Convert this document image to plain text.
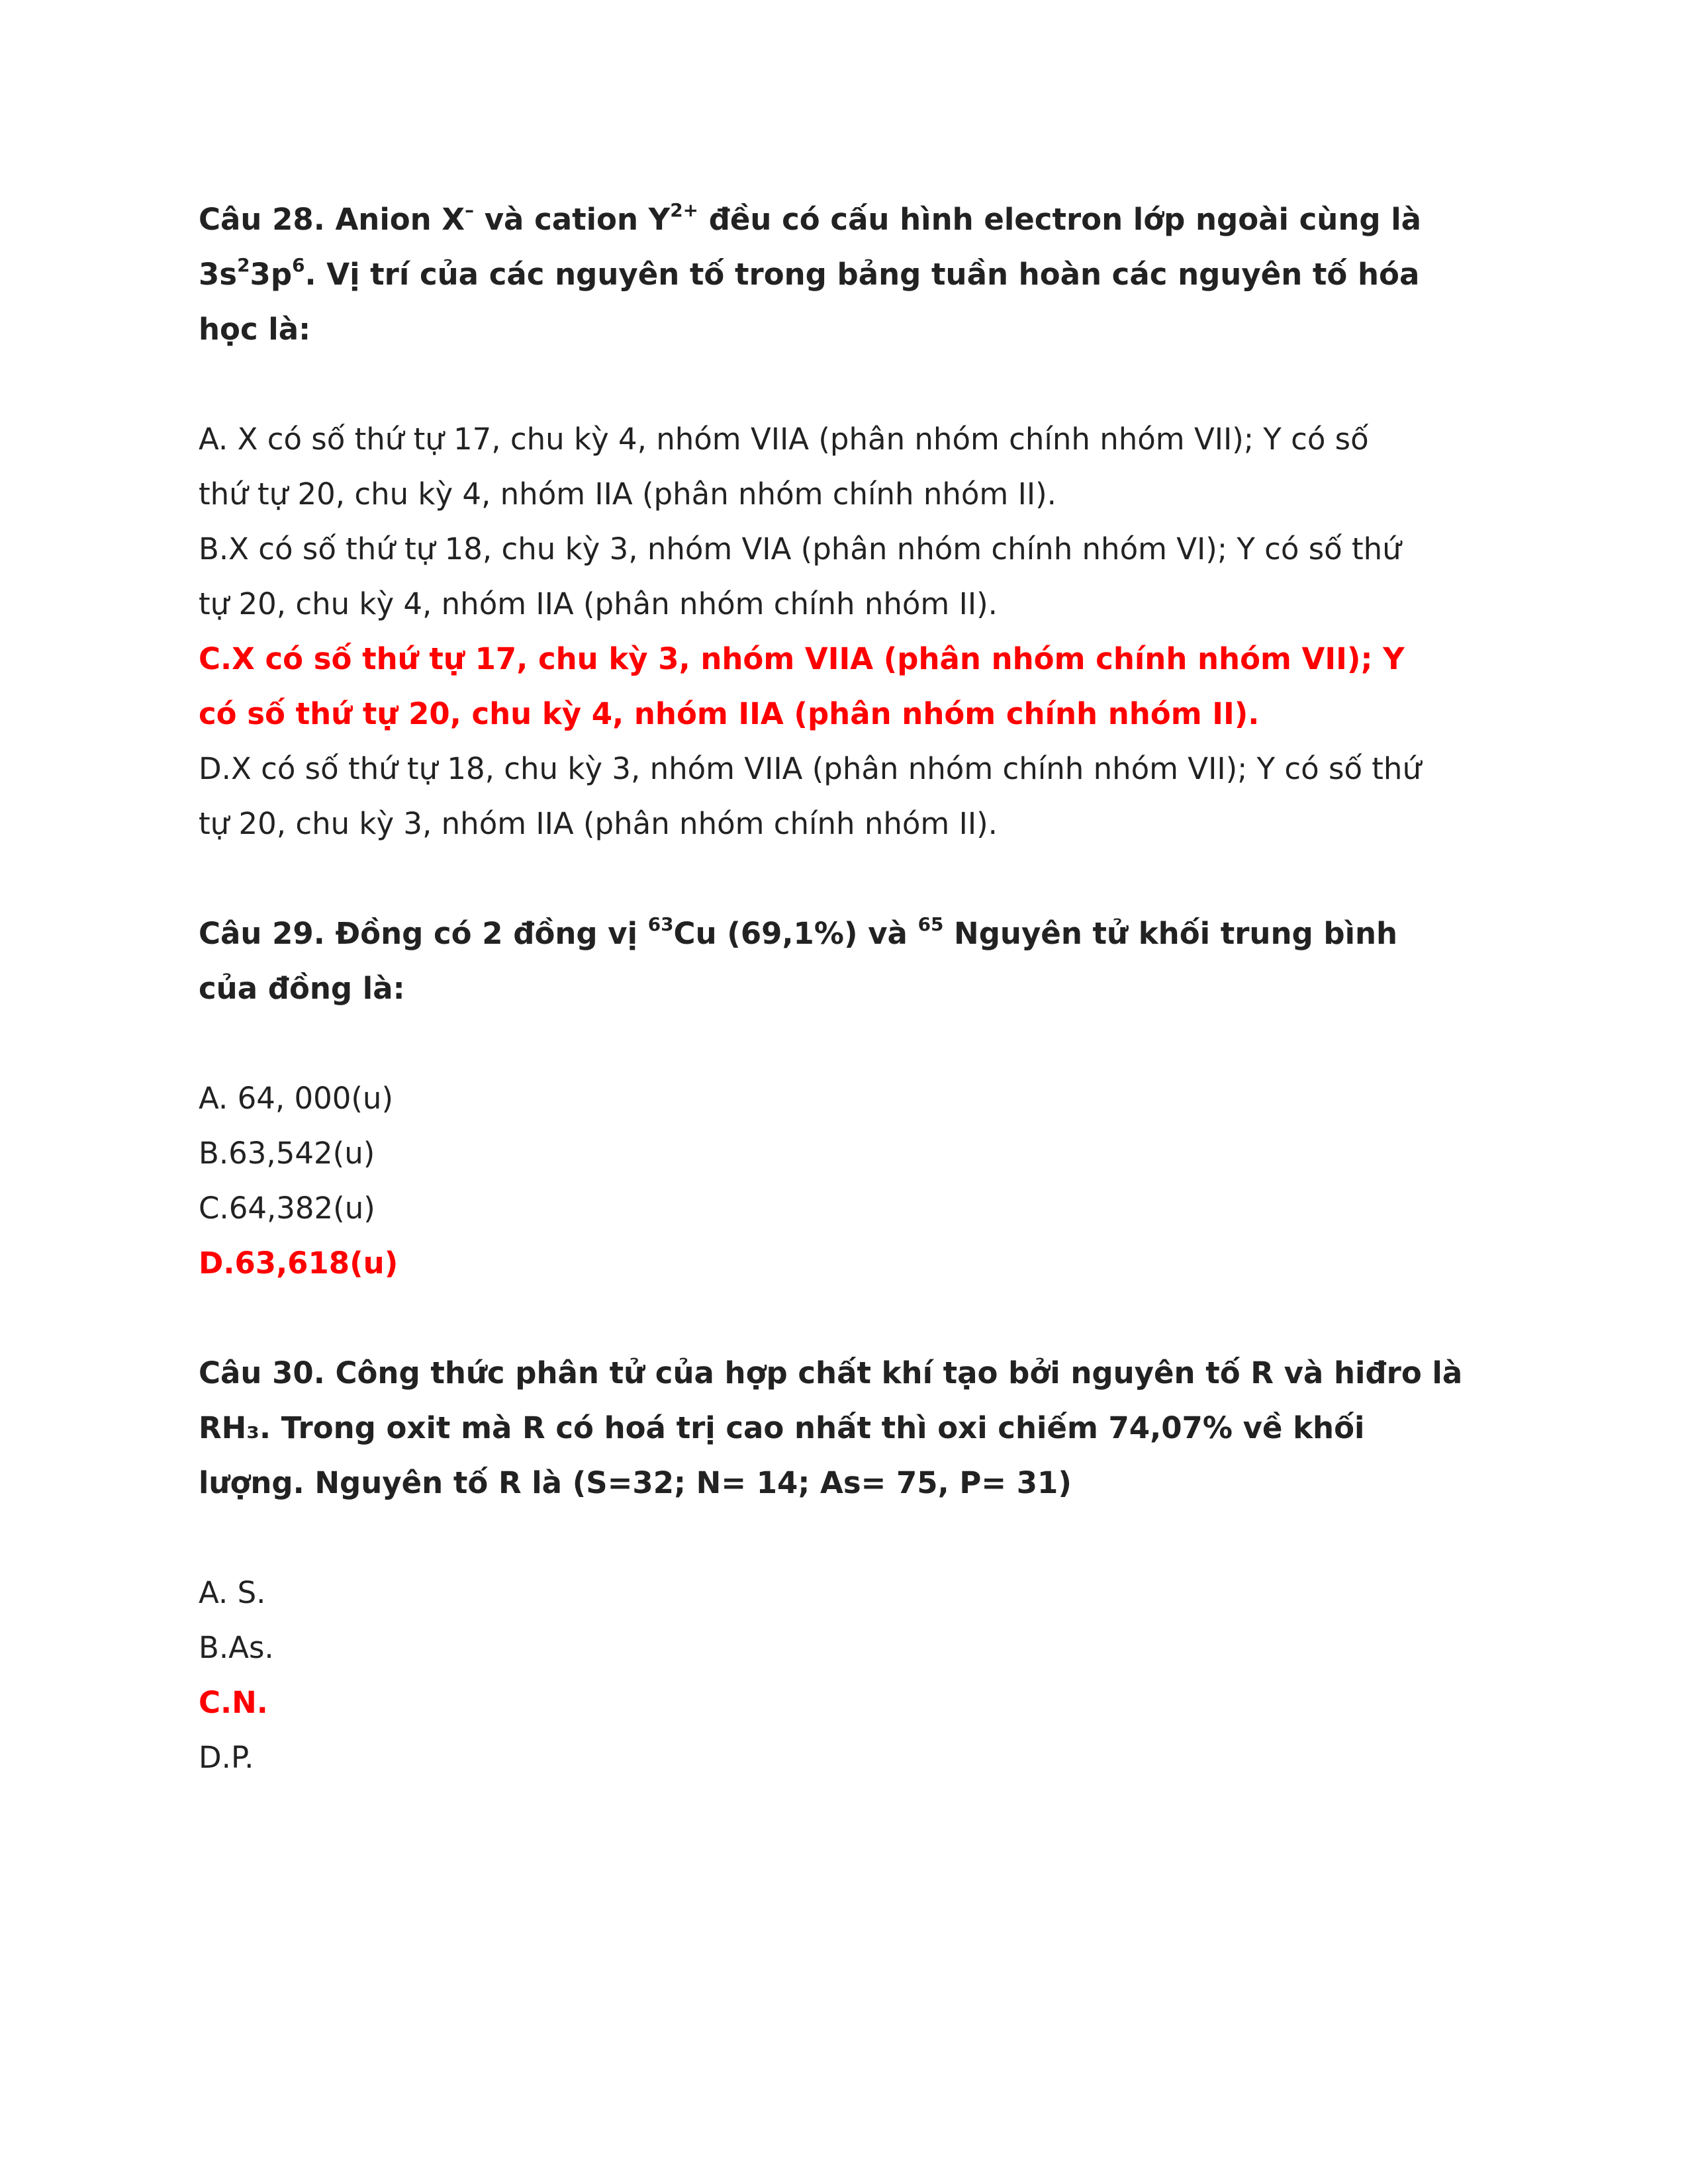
Câu 28. Anion X– và cation $Y^{2+}$ đều có cấu hình electron lớp ngoài cùng là
$3s^23p^6$. Vị trí của các nguyên tố trong bảng tuần hoàn các nguyên tố hóa
học là:
A. X có số thứ tự 17, chu kỳ 4, nhóm VIIA (phân nhóm chính nhóm VII); Y có số
thứ tự 20, chu kỳ 4, nhóm IIA (phân nhóm chính nhóm II).
B.X có số thứ tự 18, chu kỳ 3, nhóm VIA (phân nhóm chính nhóm VI); Y có số thứ
tự 20, chu kỳ 4, nhóm IIA (phân nhóm chính nhóm II).
C.X có số thứ tự 17, chu kỳ 3, nhóm VIIA (phân nhóm chính nhóm VII); Y
có số thứ tự 20, chu kỳ 4, nhóm IIA (phân nhóm chính nhóm II).
D.X có số thứ tự 18, chu kỳ 3, nhóm VIIA (phân nhóm chính nhóm VII); Y có số thứ
tự 20, chu kỳ 3, nhóm IIA (phân nhóm chính nhóm II).
Câu 29. Đồng có 2 đồng vị $^{63}$Cu (69,1%) và $^{65}$ Nguyên tử khối trung bình
của đồng là:
A. 64, 000(u)
B.63,542(u)
C.64,382(u)
D.63,618(u)
Câu 30. Công thức phân tử của hợp chất khí tạo bởi nguyên tố R và hiđro là
RH₃. Trong oxit mà R có hoá trị cao nhất thì oxi chiếm 74,07% về khối
lượng. Nguyên tố R là (S=32; N= 14; As= 75, P= 31)
A. S.
B.As.
C.N.
D.P.
